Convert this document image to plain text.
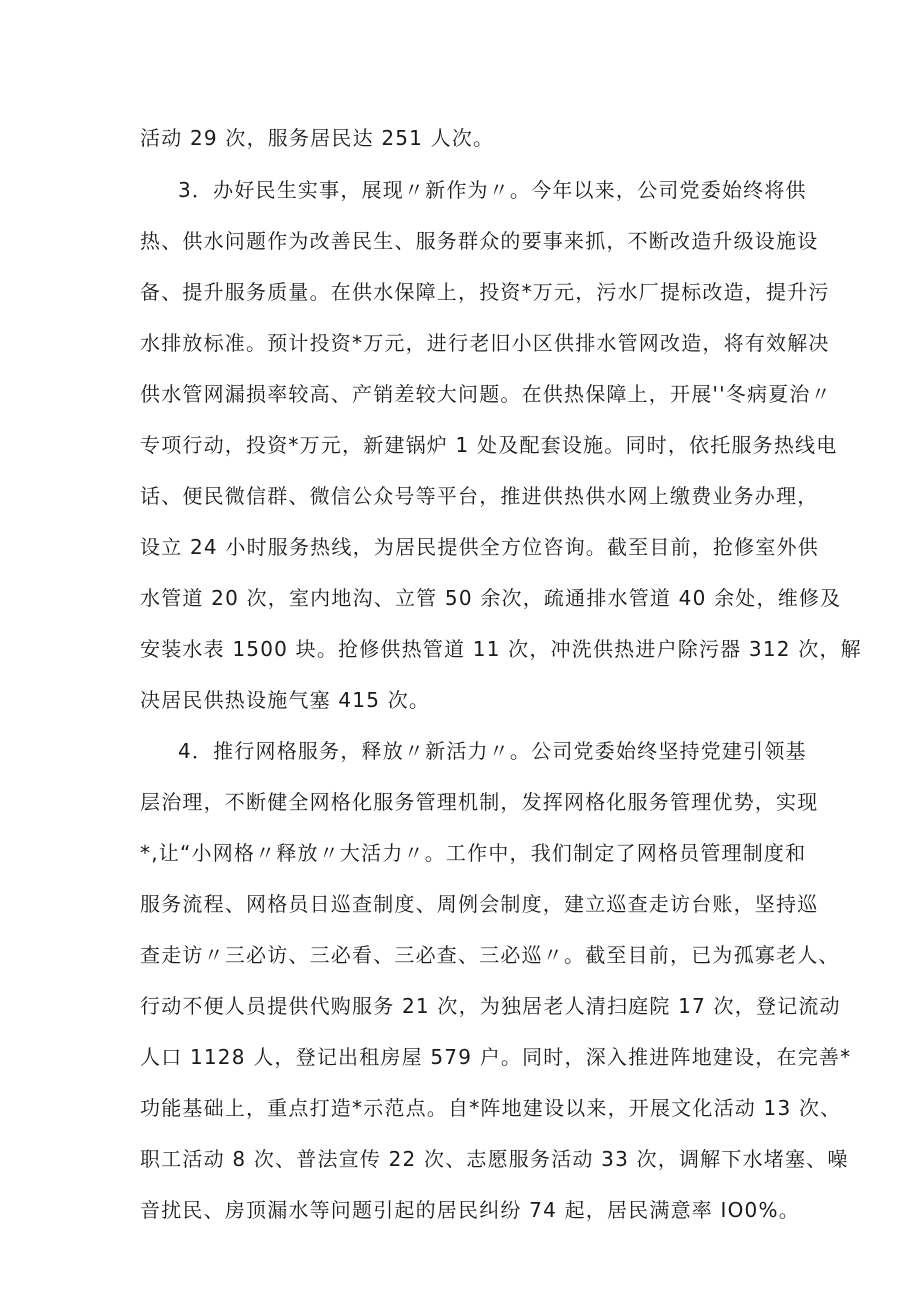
活动 29 次，服务居民达 251 人次。

3．办好民生实事，展现〃新作为〃。今年以来，公司党委始终将供

热、供水问题作为改善民生、服务群众的要事来抓，不断改造升级设施设

备、提升服务质量。在供水保障上，投资*万元，污水厂提标改造，提升污

水排放标准。预计投资*万元，进行老旧小区供排水管网改造，将有效解决

供水管网漏损率较高、产销差较大问题。在供热保障上，开展''冬病夏治〃

专项行动，投资*万元，新建锅炉 1 处及配套设施。同时，依托服务热线电

话、便民微信群、微信公众号等平台，推进供热供水网上缴费业务办理，

设立 24 小时服务热线，为居民提供全方位咨询。截至目前，抢修室外供

水管道 20 次，室内地沟、立管 50 余次，疏通排水管道 40 余处，维修及

安装水表 1500 块。抢修供热管道 11 次，冲洗供热进户除污器 312 次，解

决居民供热设施气塞 415 次。

4．推行网格服务，释放〃新活力〃。公司党委始终坚持党建引领基

层治理，不断健全网格化服务管理机制，发挥网格化服务管理优势，实现

*,让“小网格〃释放〃大活力〃。工作中，我们制定了网格员管理制度和

服务流程、网格员日巡查制度、周例会制度，建立巡查走访台账，坚持巡

查走访〃三必访、三必看、三必查、三必巡〃。截至目前，已为孤寡老人、

行动不便人员提供代购服务 21 次，为独居老人清扫庭院 17 次，登记流动

人口 1128 人，登记出租房屋 579 户。同时，深入推进阵地建设，在完善*

功能基础上，重点打造*示范点。自*阵地建设以来，开展文化活动 13 次、

职工活动 8 次、普法宣传 22 次、志愿服务活动 33 次，调解下水堵塞、噪

音扰民、房顶漏水等问题引起的居民纠纷 74 起，居民满意率 IO0%。
